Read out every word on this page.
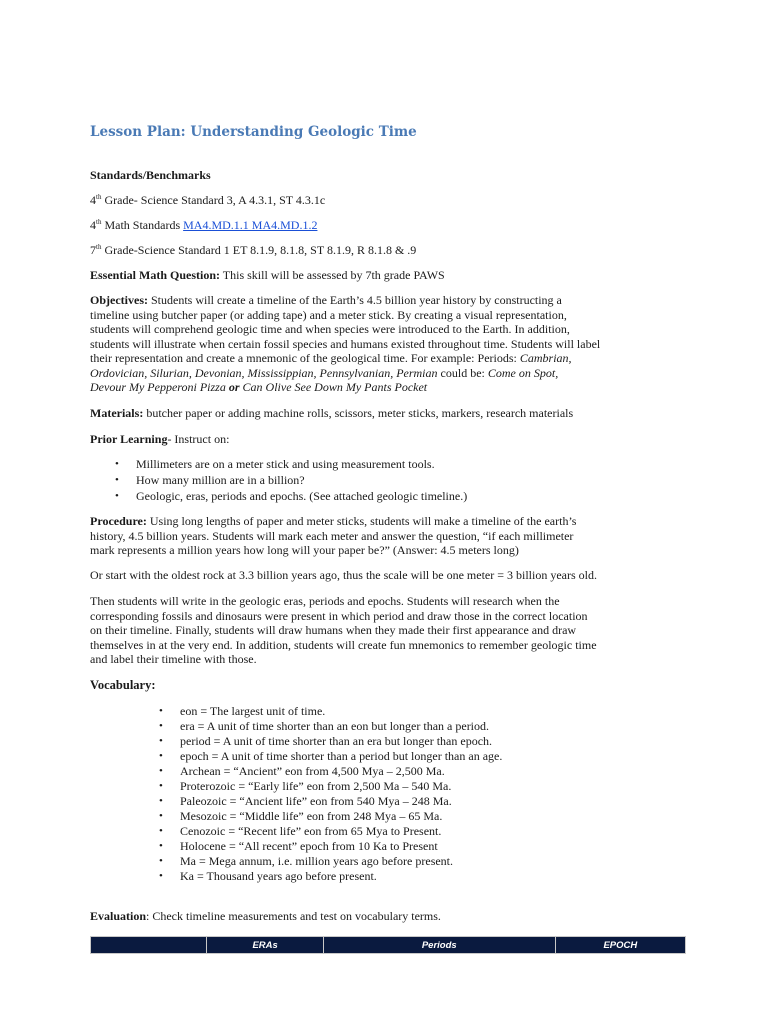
Lesson Plan: Understanding Geologic Time
Standards/Benchmarks
4th Grade- Science Standard 3, A 4.3.1, ST 4.3.1c
4th Math Standards MA4.MD.1.1 MA4.MD.1.2
7th Grade-Science Standard 1 ET 8.1.9, 8.1.8, ST 8.1.9, R 8.1.8 & .9
Essential Math Question: This skill will be assessed by 7th grade PAWS

Objectives: Students will create a timeline of the Earth’s 4.5 billion year history by constructing a

timeline using butcher paper (or adding tape) and a meter stick. By creating a visual representation,

students will comprehend geologic time and when species were introduced to the Earth. In addition,

students will illustrate when certain fossil species and humans existed throughout time. Students will label

their representation and create a mnemonic of the geological time. For example: Periods: Cambrian,

Ordovician, Silurian, Devonian, Mississippian, Pennsylvanian, Permian could be: Come on Spot,

Devour My Pepperoni Pizza or Can Olive See Down My Pants Pocket

Materials: butcher paper or adding machine rolls, scissors, meter sticks, markers, research materials
Prior Learning- Instruct on:
• Millimeters are on a meter stick and using measurement tools.
• How many million are in a billion?
• Geologic, eras, periods and epochs. (See attached geologic timeline.)

Procedure: Using long lengths of paper and meter sticks, students will make a timeline of the earth’s

history, 4.5 billion years. Students will mark each meter and answer the question, “if each millimeter

mark represents a million years how long will your paper be?” (Answer: 4.5 meters long)

Or start with the oldest rock at 3.3 billion years ago, thus the scale will be one meter = 3 billion years old.

Then students will write in the geologic eras, periods and epochs. Students will research when the

corresponding fossils and dinosaurs were present in which period and draw those in the correct location

on their timeline. Finally, students will draw humans when they made their first appearance and draw

themselves in at the very end. In addition, students will create fun mnemonics to remember geologic time

and label their timeline with those.

Vocabulary:
• eon = The largest unit of time.
• era = A unit of time shorter than an eon but longer than a period.
• period = A unit of time shorter than an era but longer than epoch.
• epoch = A unit of time shorter than a period but longer than an age.
• Archean = “Ancient” eon from 4,500 Mya – 2,500 Ma.
• Proterozoic = “Early life” eon from 2,500 Ma – 540 Ma.
• Paleozoic = “Ancient life” eon from 540 Mya – 248 Ma.
• Mesozoic = “Middle life” eon from 248 Mya – 65 Ma.
• Cenozoic = “Recent life” eon from 65 Mya to Present.
• Holocene = “All recent” epoch from 10 Ka to Present
• Ma = Mega annum, i.e. million years ago before present.
• Ka = Thousand years ago before present.
Evaluation: Check timeline measurements and test on vocabulary terms.
ERAs	Periods	EPOCH
